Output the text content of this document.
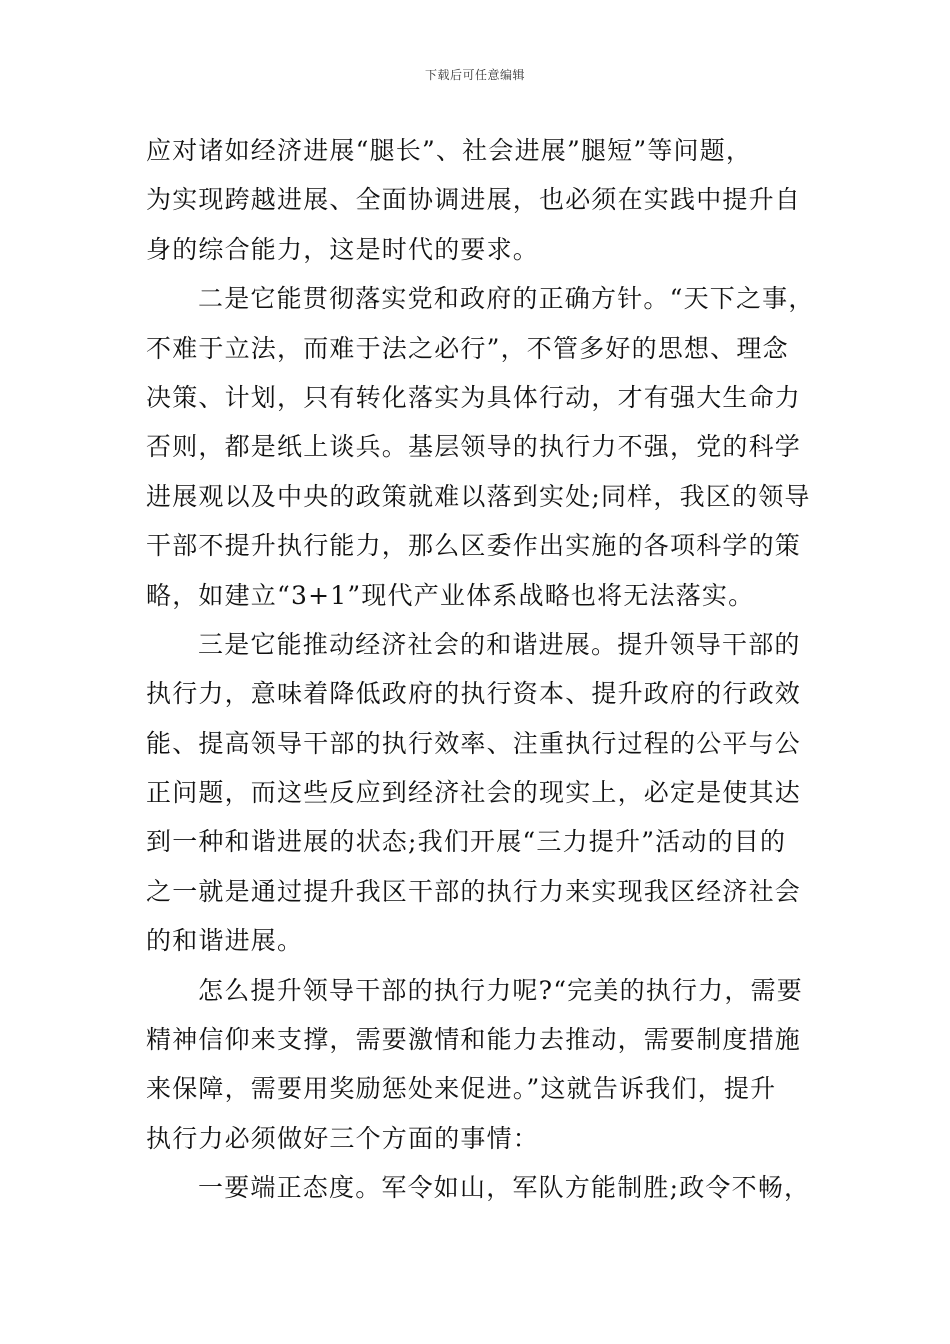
下载后可任意编辑
应对诸如经济进展“腿长”、社会进展”腿短”等问题，
为实现跨越进展、全面协调进展，也必须在实践中提升自
身的综合能力，这是时代的要求。
二是它能贯彻落实党和政府的正确方针。“天下之事，
不难于立法，而难于法之必行”，不管多好的思想、理念
决策、计划，只有转化落实为具体行动，才有强大生命力
否则，都是纸上谈兵。基层领导的执行力不强，党的科学
进展观以及中央的政策就难以落到实处;同样，我区的领导
干部不提升执行能力，那么区委作出实施的各项科学的策
略，如建立“3+1”现代产业体系战略也将无法落实。
三是它能推动经济社会的和谐进展。提升领导干部的
执行力，意味着降低政府的执行资本、提升政府的行政效
能、提高领导干部的执行效率、注重执行过程的公平与公
正问题，而这些反应到经济社会的现实上，必定是使其达
到一种和谐进展的状态;我们开展“三力提升”活动的目的
之一就是通过提升我区干部的执行力来实现我区经济社会
的和谐进展。
怎么提升领导干部的执行力呢?“完美的执行力，需要
精神信仰来支撑，需要激情和能力去推动，需要制度措施
来保障，需要用奖励惩处来促进。”这就告诉我们，提升
执行力必须做好三个方面的事情：
一要端正态度。军令如山，军队方能制胜;政令不畅，
